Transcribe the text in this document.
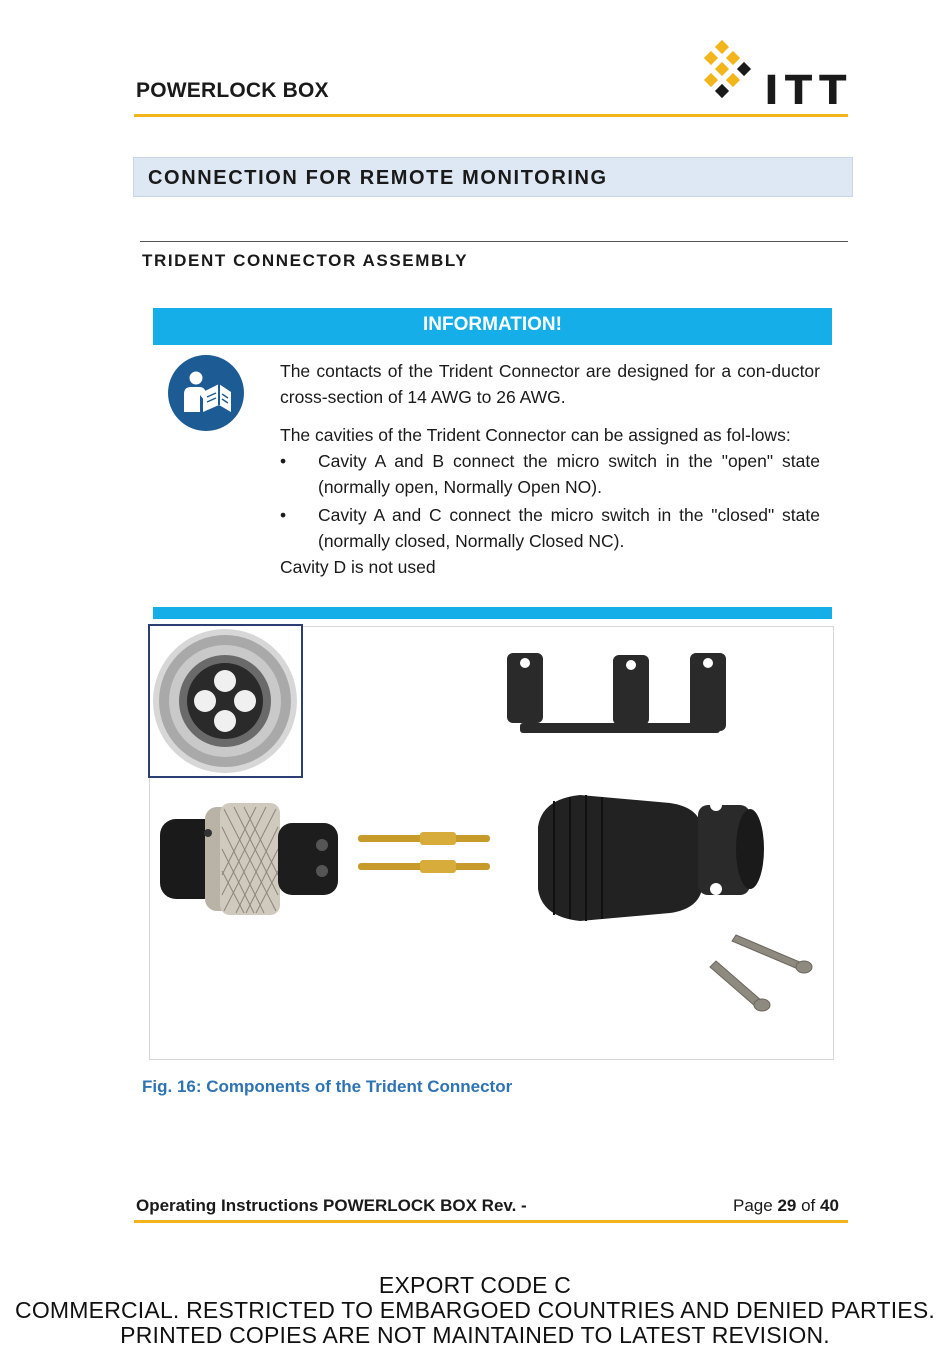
POWERLOCK BOX	ITT
CONNECTION FOR REMOTE MONITORING
TRIDENT CONNECTOR ASSEMBLY
INFORMATION!

The contacts of the Trident Connector are designed for a con-ductor cross-section of 14 AWG to 26 AWG.

The cavities of the Trident Connector can be assigned as fol-lows:

•	Cavity A and B connect the micro switch in the "open" state (normally open, Normally Open NO).
•	Cavity A and C connect the micro switch in the "closed" state (normally closed, Normally Closed NC).
Cavity D is not used
Fig. 16: Components of the Trident Connector
Operating Instructions POWERLOCK BOX Rev. -	Page 29 of 40
EXPORT CODE C
COMMERCIAL. RESTRICTED TO EMBARGOED COUNTRIES AND DENIED PARTIES.
PRINTED COPIES ARE NOT MAINTAINED TO LATEST REVISION.
